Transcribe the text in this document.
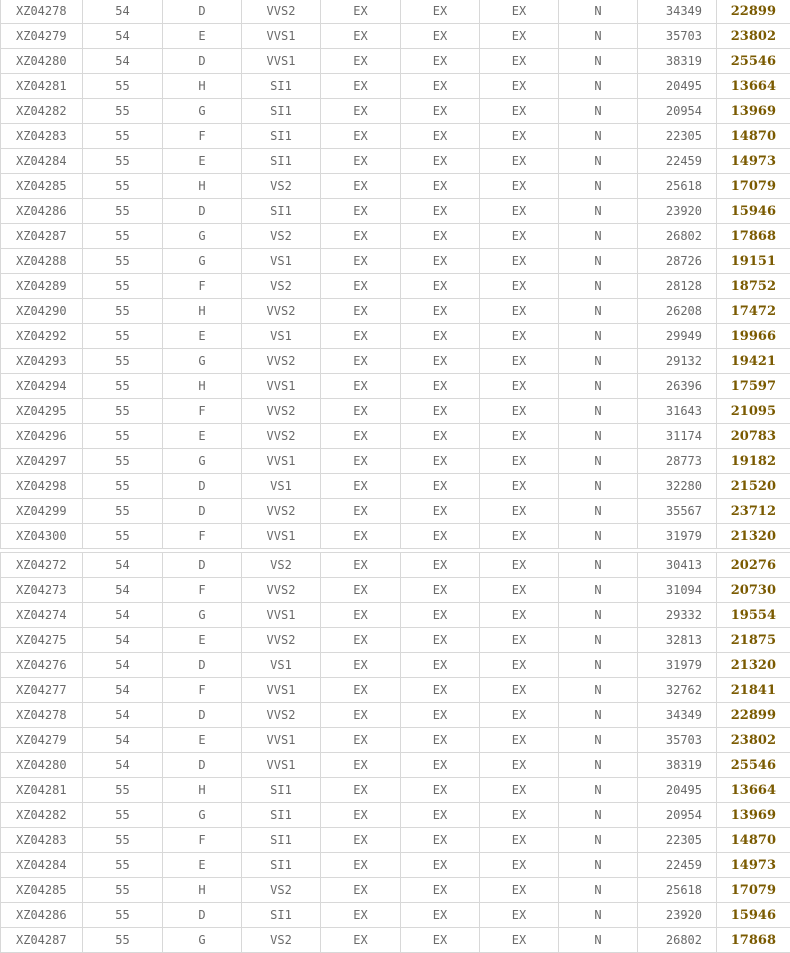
XZ04278	54	D	VVS2	EX	EX	EX	N	34349	22899
XZ04279	54	E	VVS1	EX	EX	EX	N	35703	23802
XZ04280	54	D	VVS1	EX	EX	EX	N	38319	25546
XZ04281	55	H	SI1	EX	EX	EX	N	20495	13664
XZ04282	55	G	SI1	EX	EX	EX	N	20954	13969
XZ04283	55	F	SI1	EX	EX	EX	N	22305	14870
XZ04284	55	E	SI1	EX	EX	EX	N	22459	14973
XZ04285	55	H	VS2	EX	EX	EX	N	25618	17079
XZ04286	55	D	SI1	EX	EX	EX	N	23920	15946
XZ04287	55	G	VS2	EX	EX	EX	N	26802	17868
XZ04288	55	G	VS1	EX	EX	EX	N	28726	19151
XZ04289	55	F	VS2	EX	EX	EX	N	28128	18752
XZ04290	55	H	VVS2	EX	EX	EX	N	26208	17472
XZ04292	55	E	VS1	EX	EX	EX	N	29949	19966
XZ04293	55	G	VVS2	EX	EX	EX	N	29132	19421
XZ04294	55	H	VVS1	EX	EX	EX	N	26396	17597
XZ04295	55	F	VVS2	EX	EX	EX	N	31643	21095
XZ04296	55	E	VVS2	EX	EX	EX	N	31174	20783
XZ04297	55	G	VVS1	EX	EX	EX	N	28773	19182
XZ04298	55	D	VS1	EX	EX	EX	N	32280	21520
XZ04299	55	D	VVS2	EX	EX	EX	N	35567	23712
XZ04300	55	F	VVS1	EX	EX	EX	N	31979	21320
XZ04272	54	D	VS2	EX	EX	EX	N	30413	20276
XZ04273	54	F	VVS2	EX	EX	EX	N	31094	20730
XZ04274	54	G	VVS1	EX	EX	EX	N	29332	19554
XZ04275	54	E	VVS2	EX	EX	EX	N	32813	21875
XZ04276	54	D	VS1	EX	EX	EX	N	31979	21320
XZ04277	54	F	VVS1	EX	EX	EX	N	32762	21841
XZ04278	54	D	VVS2	EX	EX	EX	N	34349	22899
XZ04279	54	E	VVS1	EX	EX	EX	N	35703	23802
XZ04280	54	D	VVS1	EX	EX	EX	N	38319	25546
XZ04281	55	H	SI1	EX	EX	EX	N	20495	13664
XZ04282	55	G	SI1	EX	EX	EX	N	20954	13969
XZ04283	55	F	SI1	EX	EX	EX	N	22305	14870
XZ04284	55	E	SI1	EX	EX	EX	N	22459	14973
XZ04285	55	H	VS2	EX	EX	EX	N	25618	17079
XZ04286	55	D	SI1	EX	EX	EX	N	23920	15946
XZ04287	55	G	VS2	EX	EX	EX	N	26802	17868
